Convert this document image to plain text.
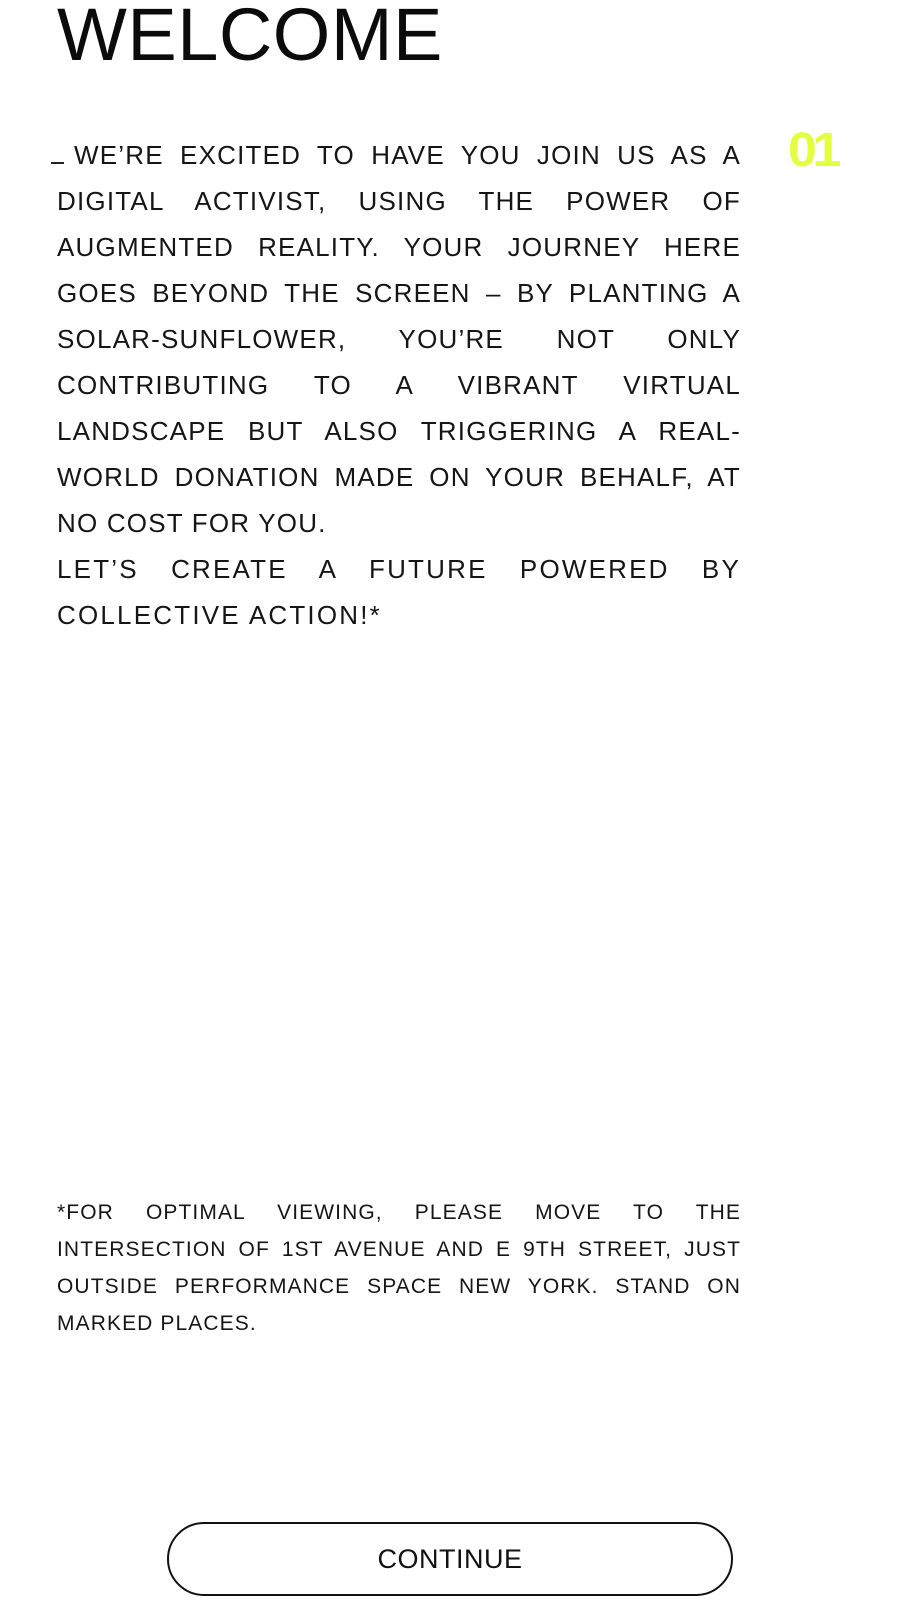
WELCOME
01

WE’RE EXCITED TO HAVE YOU JOIN US AS A DIGITAL ACTIVIST, USING THE POWER OF AUGMENTED REALITY. YOUR JOURNEY HERE GOES BEYOND THE SCREEN – BY PLANTING A SOLAR-SUNFLOWER, YOU’RE NOT ONLY CONTRIBUTING TO A VIBRANT VIRTUAL LANDSCAPE BUT ALSO TRIGGERING A REAL-WORLD DONATION MADE ON YOUR BEHALF, AT NO COST FOR YOU.

LET’S CREATE A FUTURE POWERED BY COLLECTIVE ACTION!*

*FOR OPTIMAL VIEWING, PLEASE MOVE TO THE INTERSECTION OF 1ST AVENUE AND E 9TH STREET, JUST OUTSIDE PERFORMANCE SPACE NEW YORK. STAND ON MARKED PLACES.

CONTINUE
